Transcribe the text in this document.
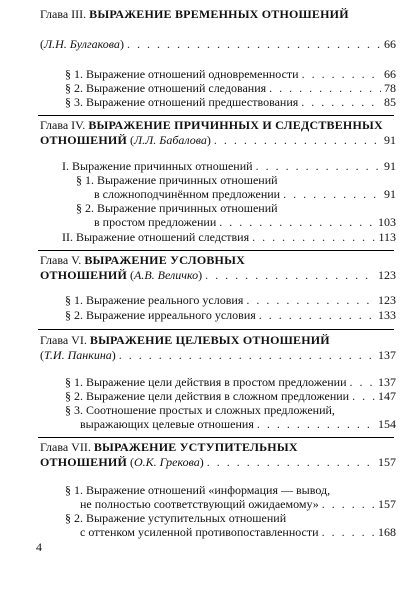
Глава III.
ВЫРАЖЕНИЕ ВРЕМЕННЫХ ОТНОШЕНИЙ
( Л.Н. Булгакова ) . . .	66
§ 1. Выражение отношений одновременности . . .	66
§ 2. Выражение отношений следования . . .	78
§ 3. Выражение отношений предшествования . . .	85
Глава IV.
ВЫРАЖЕНИЕ ПРИЧИННЫХ И СЛЕДСТВЕННЫХ
ОТНОШЕНИЙ
( Л.Л. Бабалова ) . . .	91
I. Выражение причинных отношений . . .	91
§ 1. Выражение причинных отношений
в сложноподчинённом предложении . . .	91
§ 2. Выражение причинных отношений
в простом предложении . . .	103
II. Выражение отношений следствия . . .	113
Глава V.
ВЫРАЖЕНИЕ УСЛОВНЫХ
ОТНОШЕНИЙ
( А.В. Величко ) . . .	123
§ 1. Выражение реального условия . . .	123
§ 2. Выражение ирреального условия . . .	133
Глава VI.
ВЫРАЖЕНИЕ ЦЕЛЕВЫХ ОТНОШЕНИЙ
( Т.И. Панкина ) . . .	137
§ 1. Выражение цели действия в простом предложении . . .	137
§ 2. Выражение цели действия в сложном предложении . . . 147
§ 3. Соотношение простых и сложных предложений,
выражающих целевые отношения . . .	154
Глава VII.
ВЫРАЖЕНИЕ УСТУПИТЕЛЬНЫХ
ОТНОШЕНИЙ
( О.К. Грекова ) . . .	157
§ 1. Выражение отношений «информация — вывод,
не полностью соответствующий ожидаемому» . . .	157
§ 2. Выражение уступительных отношений
с оттенком усиленной противопоставленности . . .	168
4
